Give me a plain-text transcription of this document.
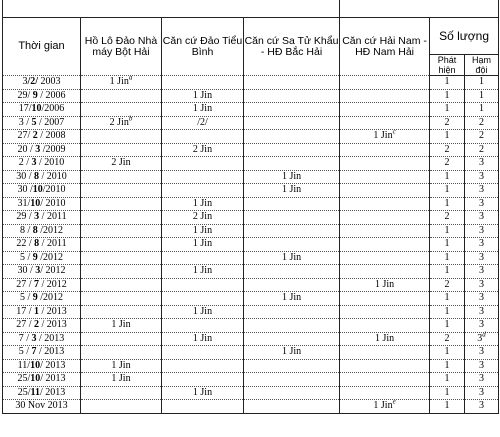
Tàu ngầm nguyên tử lớp Jin Type 094						
Thời gian	Hồ Lô Đảo Nhà máy Bột Hải	Căn cứ Đảo Tiểu Bình	Căn cứ Sa Tử Khẩu - HĐ Bắc Hải	Căn cứ Hải Nam - HĐ Nam Hải	Số lượng	
					Phát hiện	Hạm đội
3/2/ 2003	1 Jin$^a$				1	1
29/ 9 / 2006		1 Jin			1	1
17/10/2006		1 Jin			1	1
3 / 5 / 2007	2 Jin$^b$	/2/			2	2
27/ 2 / 2008				1 Jin$^c$	1	2
20 / 3 /2009		2 Jin			2	2
2 / 3 / 2010	2 Jin				2	3
30 / 8 / 2010			1 Jin		1	3
30 /10/2010			1 Jin		1	3
31/10/ 2010		1 Jin			1	3
29 / 3 / 2011		2 Jin			2	3
8 / 8 /2012		1 Jin			1	3
22 / 8 / 2011		1 Jin			1	3
5 / 9 /2012			1 Jin		1	3
30 / 3/ 2012		1 Jin			1	3
27 / 7 / 2012				1 Jin	2	3
5 / 9 /2012			1 Jin		1	3
17 / 1 / 2013		1 Jin			1	3
27 / 2 / 2013	1 Jin				1	3
7 / 3 / 2013		1 Jin		1 Jin	2	3$^d$
5 / 7 / 2013			1 Jin		1	3
11/10/ 2013	1 Jin				1	3
25/10/ 2013	1 Jin				1	3
25/11/ 2013		1 Jin			1	3
30 Nov 2013				1 Jin$^e$	1	3
